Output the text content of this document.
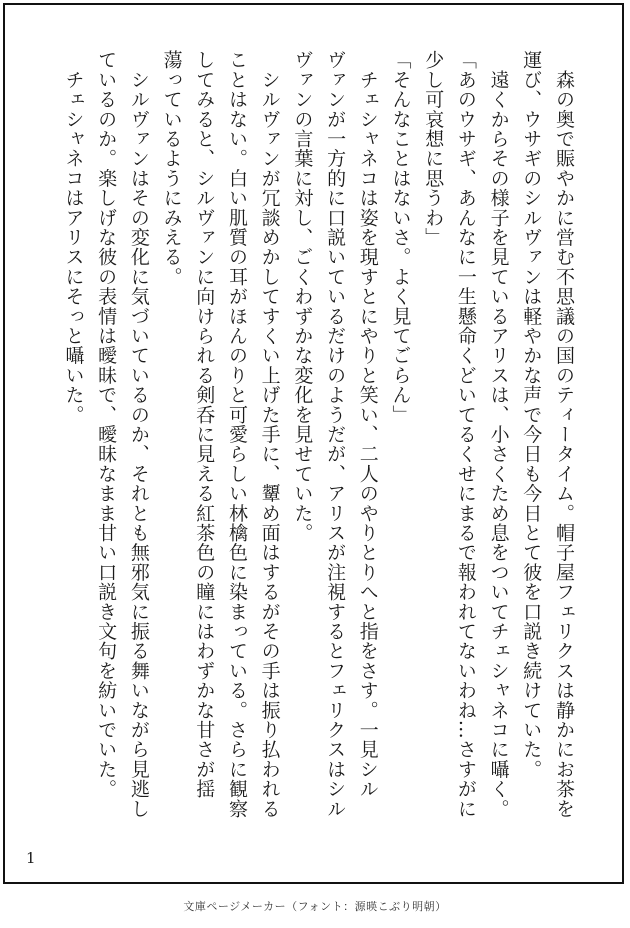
　森の奥で賑やかに営む不思議の国のティータイム。帽子屋フェリクスは静かにお茶を
運び、ウサギのシルヴァンは軽やかな声で今日も今日とて彼を口説き続けていた。
　遠くからその様子を見ているアリスは、小さくため息をついてチェシャネコに囁く。
「あのウサギ、あんなに一生懸命くどいてるくせにまるで報われてないわね…さすがに
少し可哀想に思うわ」
「そんなことはないさ。よく見てごらん」
　チェシャネコは姿を現すとにやりと笑い、二人のやりとりへと指をさす。一見シル
ヴァンが一方的に口説いているだけのようだが、アリスが注視するとフェリクスはシル
ヴァンの言葉に対し、ごくわずかな変化を見せていた。
　シルヴァンが冗談めかしてすくい上げた手に、顰め面はするがその手は振り払われる
ことはない。白い肌質の耳がほんのりと可愛らしい林檎色に染まっている。さらに観察
してみると、シルヴァンに向けられる剣呑に見える紅茶色の瞳にはわずかな甘さが揺
蕩っているようにみえる。
　シルヴァンはその変化に気づいているのか、それとも無邪気に振る舞いながら見逃し
ているのか。楽しげな彼の表情は曖昧で、曖昧なまま甘い口説き文句を紡いでいた。
　チェシャネコはアリスにそっと囁いた。
1
文庫ページメーカー（フォント：源暎こぶり明朝）
